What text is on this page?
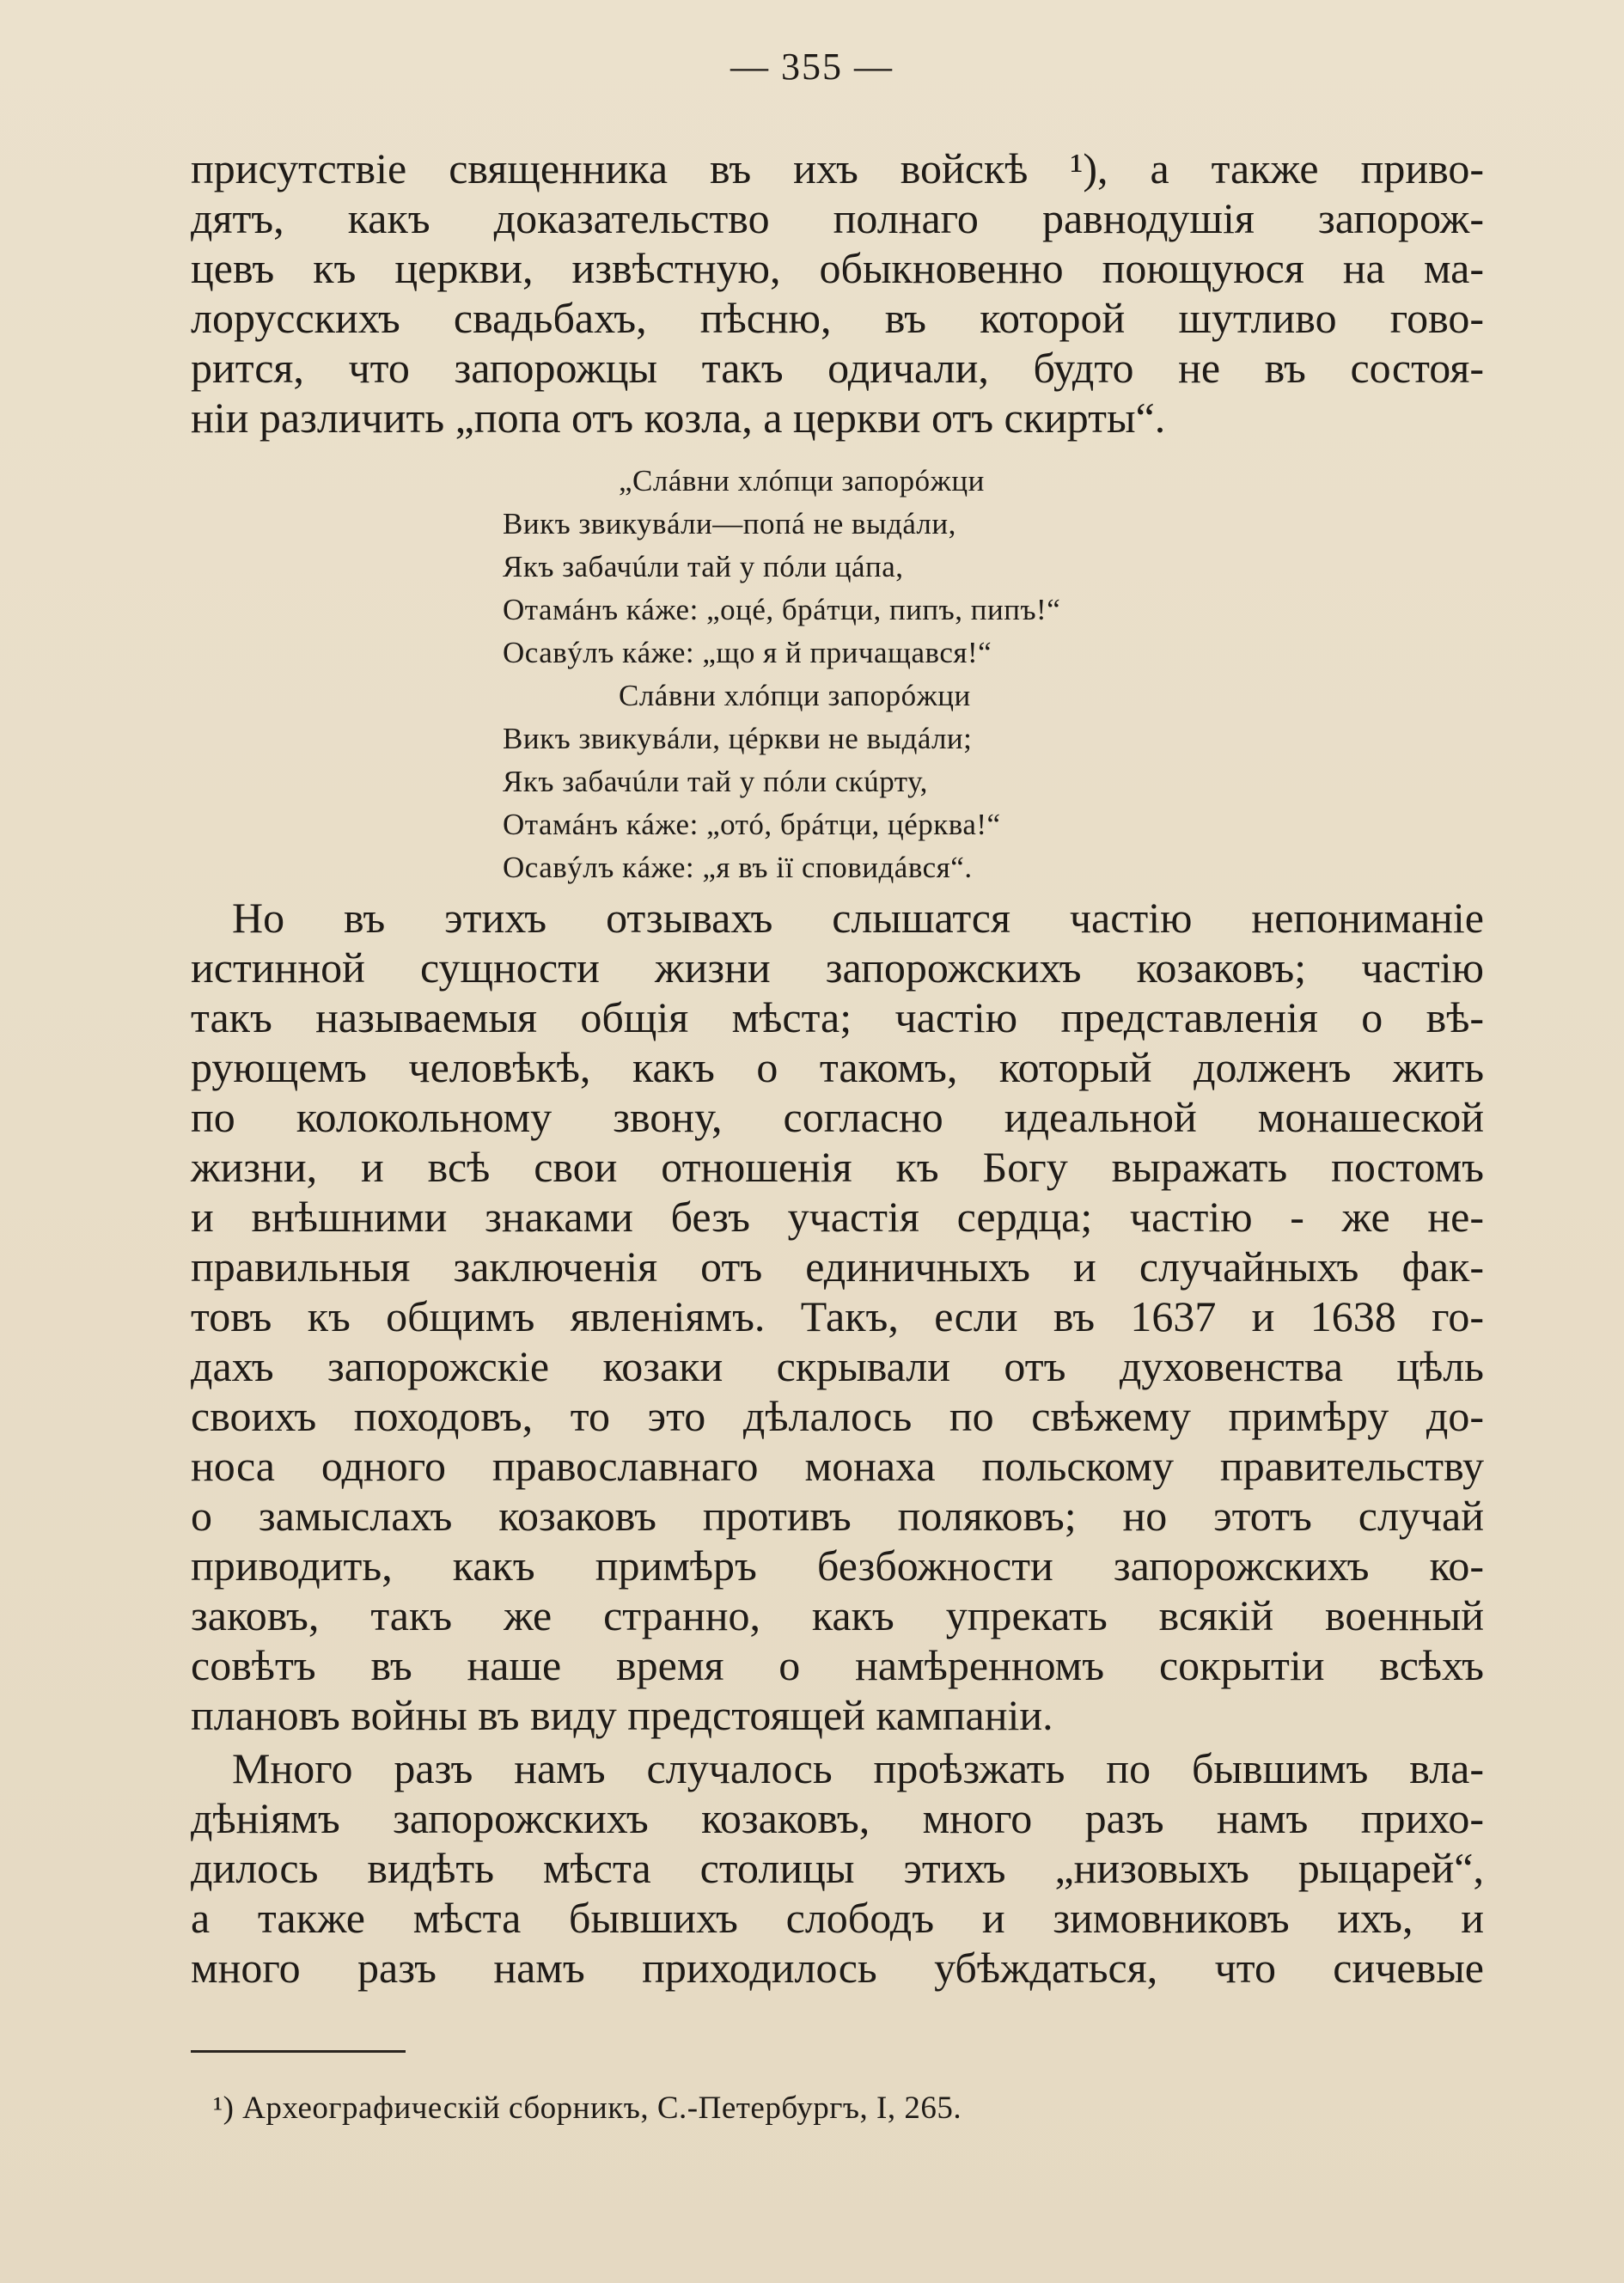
— 355 —
присутствіе священника въ ихъ войскѣ ¹), а также приво-
дятъ, какъ доказательство полнаго равнодушія запорож-
цевъ къ церкви, извѣстную, обыкновенно поющуюся на ма-
лорусскихъ свадьбахъ, пѣсню, въ которой шутливо гово-
рится, что запорожцы такъ одичали, будто не въ состоя-
ніи различить „попа отъ козла, а церкви отъ скирты“.
„Слáвни хлóпци запорóжци
Викъ звикувáли—попá не выдáли,
Якъ забачúли тай у пóли цáпа,
Отамáнъ кáже: „оцé, брáтци, пипъ, пипъ!“
Осавýлъ кáже: „що я й причащався!“
Слáвни хлóпци запорóжци
Викъ звикувáли, цéркви не выдáли;
Якъ забачúли тай у пóли скúрту,
Отамáнъ кáже: „отó, брáтци, цéрква!“
Осавýлъ кáже: „я въ іï сповидáвся“.
Но въ этихъ отзывахъ слышатся частію непониманіе
истинной сущности жизни запорожскихъ козаковъ; частію
такъ называемыя общія мѣста; частію представленія о вѣ-
рующемъ человѣкѣ, какъ о такомъ, который долженъ жить
по колокольному звону, согласно идеальной монашеской
жизни, и всѣ свои отношенія къ Богу выражать постомъ
и внѣшними знаками безъ участія сердца; частію - же не-
правильныя заключенія отъ единичныхъ и случайныхъ фак-
товъ къ общимъ явленіямъ. Такъ, если въ 1637 и 1638 го-
дахъ запорожскіе козаки скрывали отъ духовенства цѣль
своихъ походовъ, то это дѣлалось по свѣжему примѣру до-
носа одного православнаго монаха польскому правительству
о замыслахъ козаковъ противъ поляковъ; но этотъ случай
приводить, какъ примѣръ безбожности запорожскихъ ко-
заковъ, такъ же странно, какъ упрекать всякій военный
совѣтъ въ наше время о намѣренномъ сокрытіи всѣхъ
плановъ войны въ виду предстоящей кампаніи.
Много разъ намъ случалось проѣзжать по бывшимъ вла-
дѣніямъ запорожскихъ козаковъ, много разъ намъ прихо-
дилось видѣть мѣста столицы этихъ „низовыхъ рыцарей“,
а также мѣста бывшихъ слободъ и зимовниковъ ихъ, и
много разъ намъ приходилось убѣждаться, что сичевые
¹) Археографическій сборникъ, С.-Петербургъ, I, 265.
